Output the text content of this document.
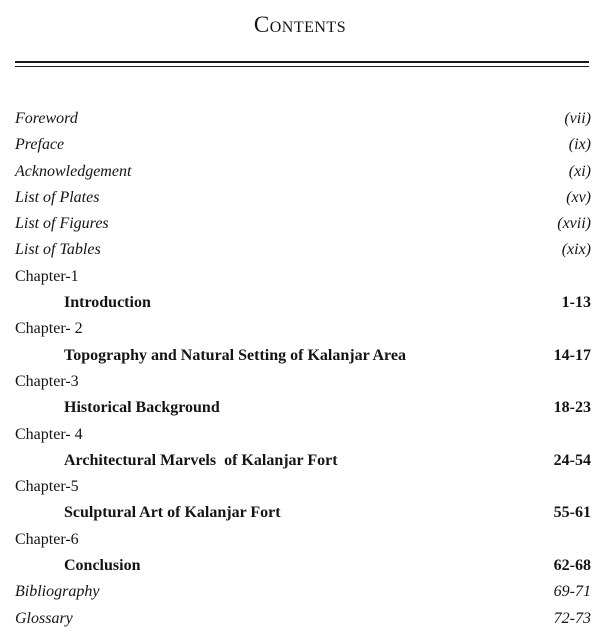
Contents
Foreword	(vii)
Preface	(ix)
Acknowledgement	(xi)
List of Plates	(xv)
List of Figures	(xvii)
List of Tables	(xix)
Chapter-1
Introduction	1-13
Chapter- 2
Topography and Natural Setting of Kalanjar Area	14-17
Chapter-3
Historical Background	18-23
Chapter- 4
Architectural Marvels  of Kalanjar Fort	24-54
Chapter-5
Sculptural Art of Kalanjar Fort	55-61
Chapter-6
Conclusion	62-68
Bibliography	69-71
Glossary	72-73
